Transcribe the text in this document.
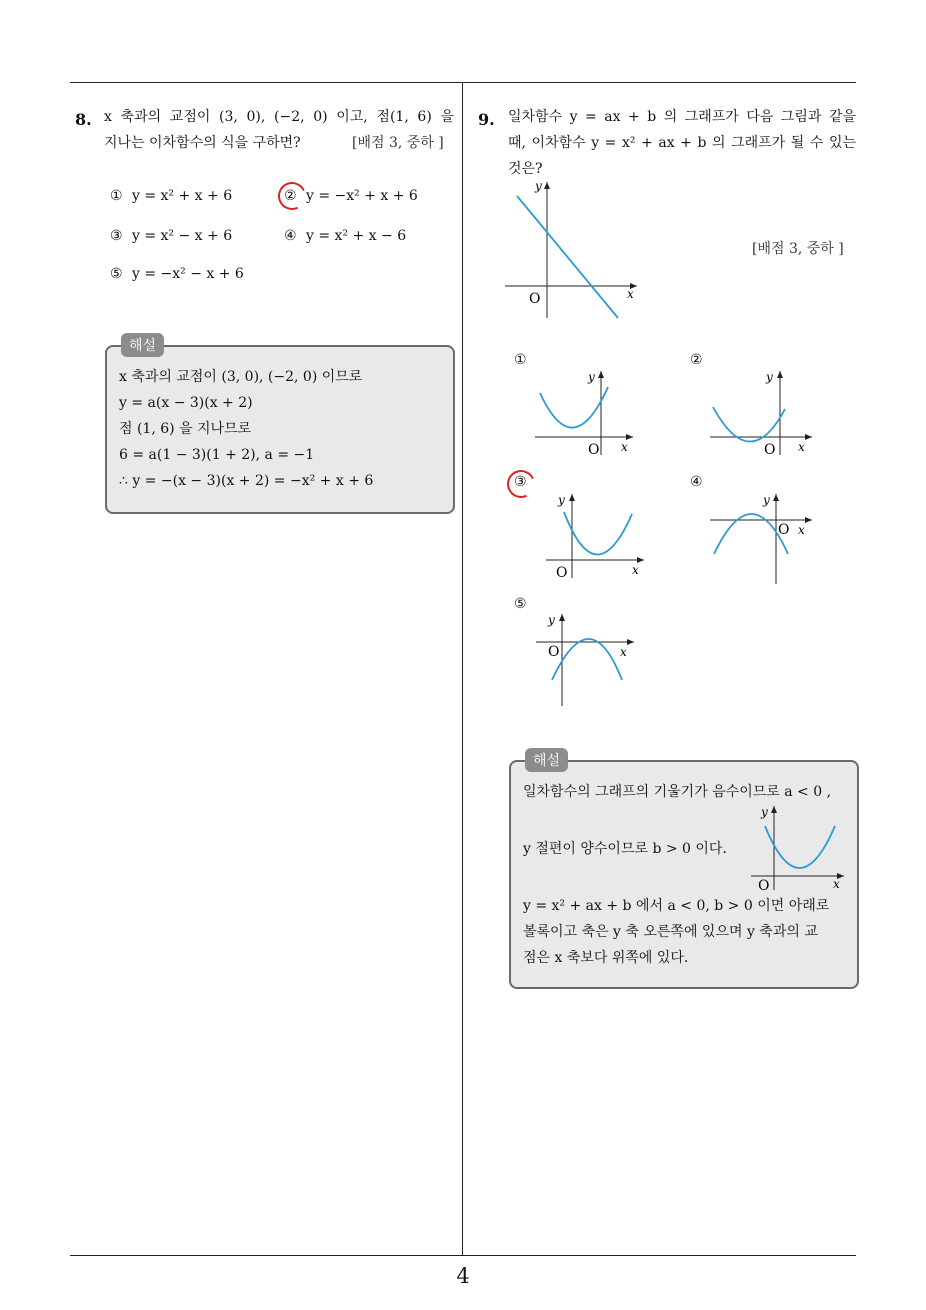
4
8. x 축과의 교점이 (3, 0), (−2, 0) 이고, 점(1, 6) 을
지나는 이차함수의 식을 구하면?	[배점 3, 중하 ]
① y = x² + x + 6	② y = −x² + x + 6
③ y = x² − x + 6	④ y = x² + x − 6
⑤ y = −x² − x + 6
해설
x 축과의 교점이 (3, 0), (−2, 0) 이므로
y = a(x − 3)(x + 2)
점 (1, 6) 을 지나므로
6 = a(1 − 3)(1 + 2), a = −1
∴ y = −(x − 3)(x + 2) = −x² + x + 6
9. 일차함수 y = ax + b 의 그래프가 다음 그림과 같을
때, 이차함수 y = x² + ax + b 의 그래프가 될 수 있는
것은?
[배점 3, 중하 ]
y
x
O
①
y
x
O
②
y
x
O
③
y
x
O
④
y
x
O
⑤
y
x
O
해설
일차함수의 그래프의 기울기가 음수이므로 a < 0 ,
y 절편이 양수이므로 b > 0 이다.
y
x
O
y = x² + ax + b 에서 a < 0, b > 0 이면 아래로
볼록이고 축은 y 축 오른쪽에 있으며 y 축과의 교
점은 x 축보다 위쪽에 있다.
